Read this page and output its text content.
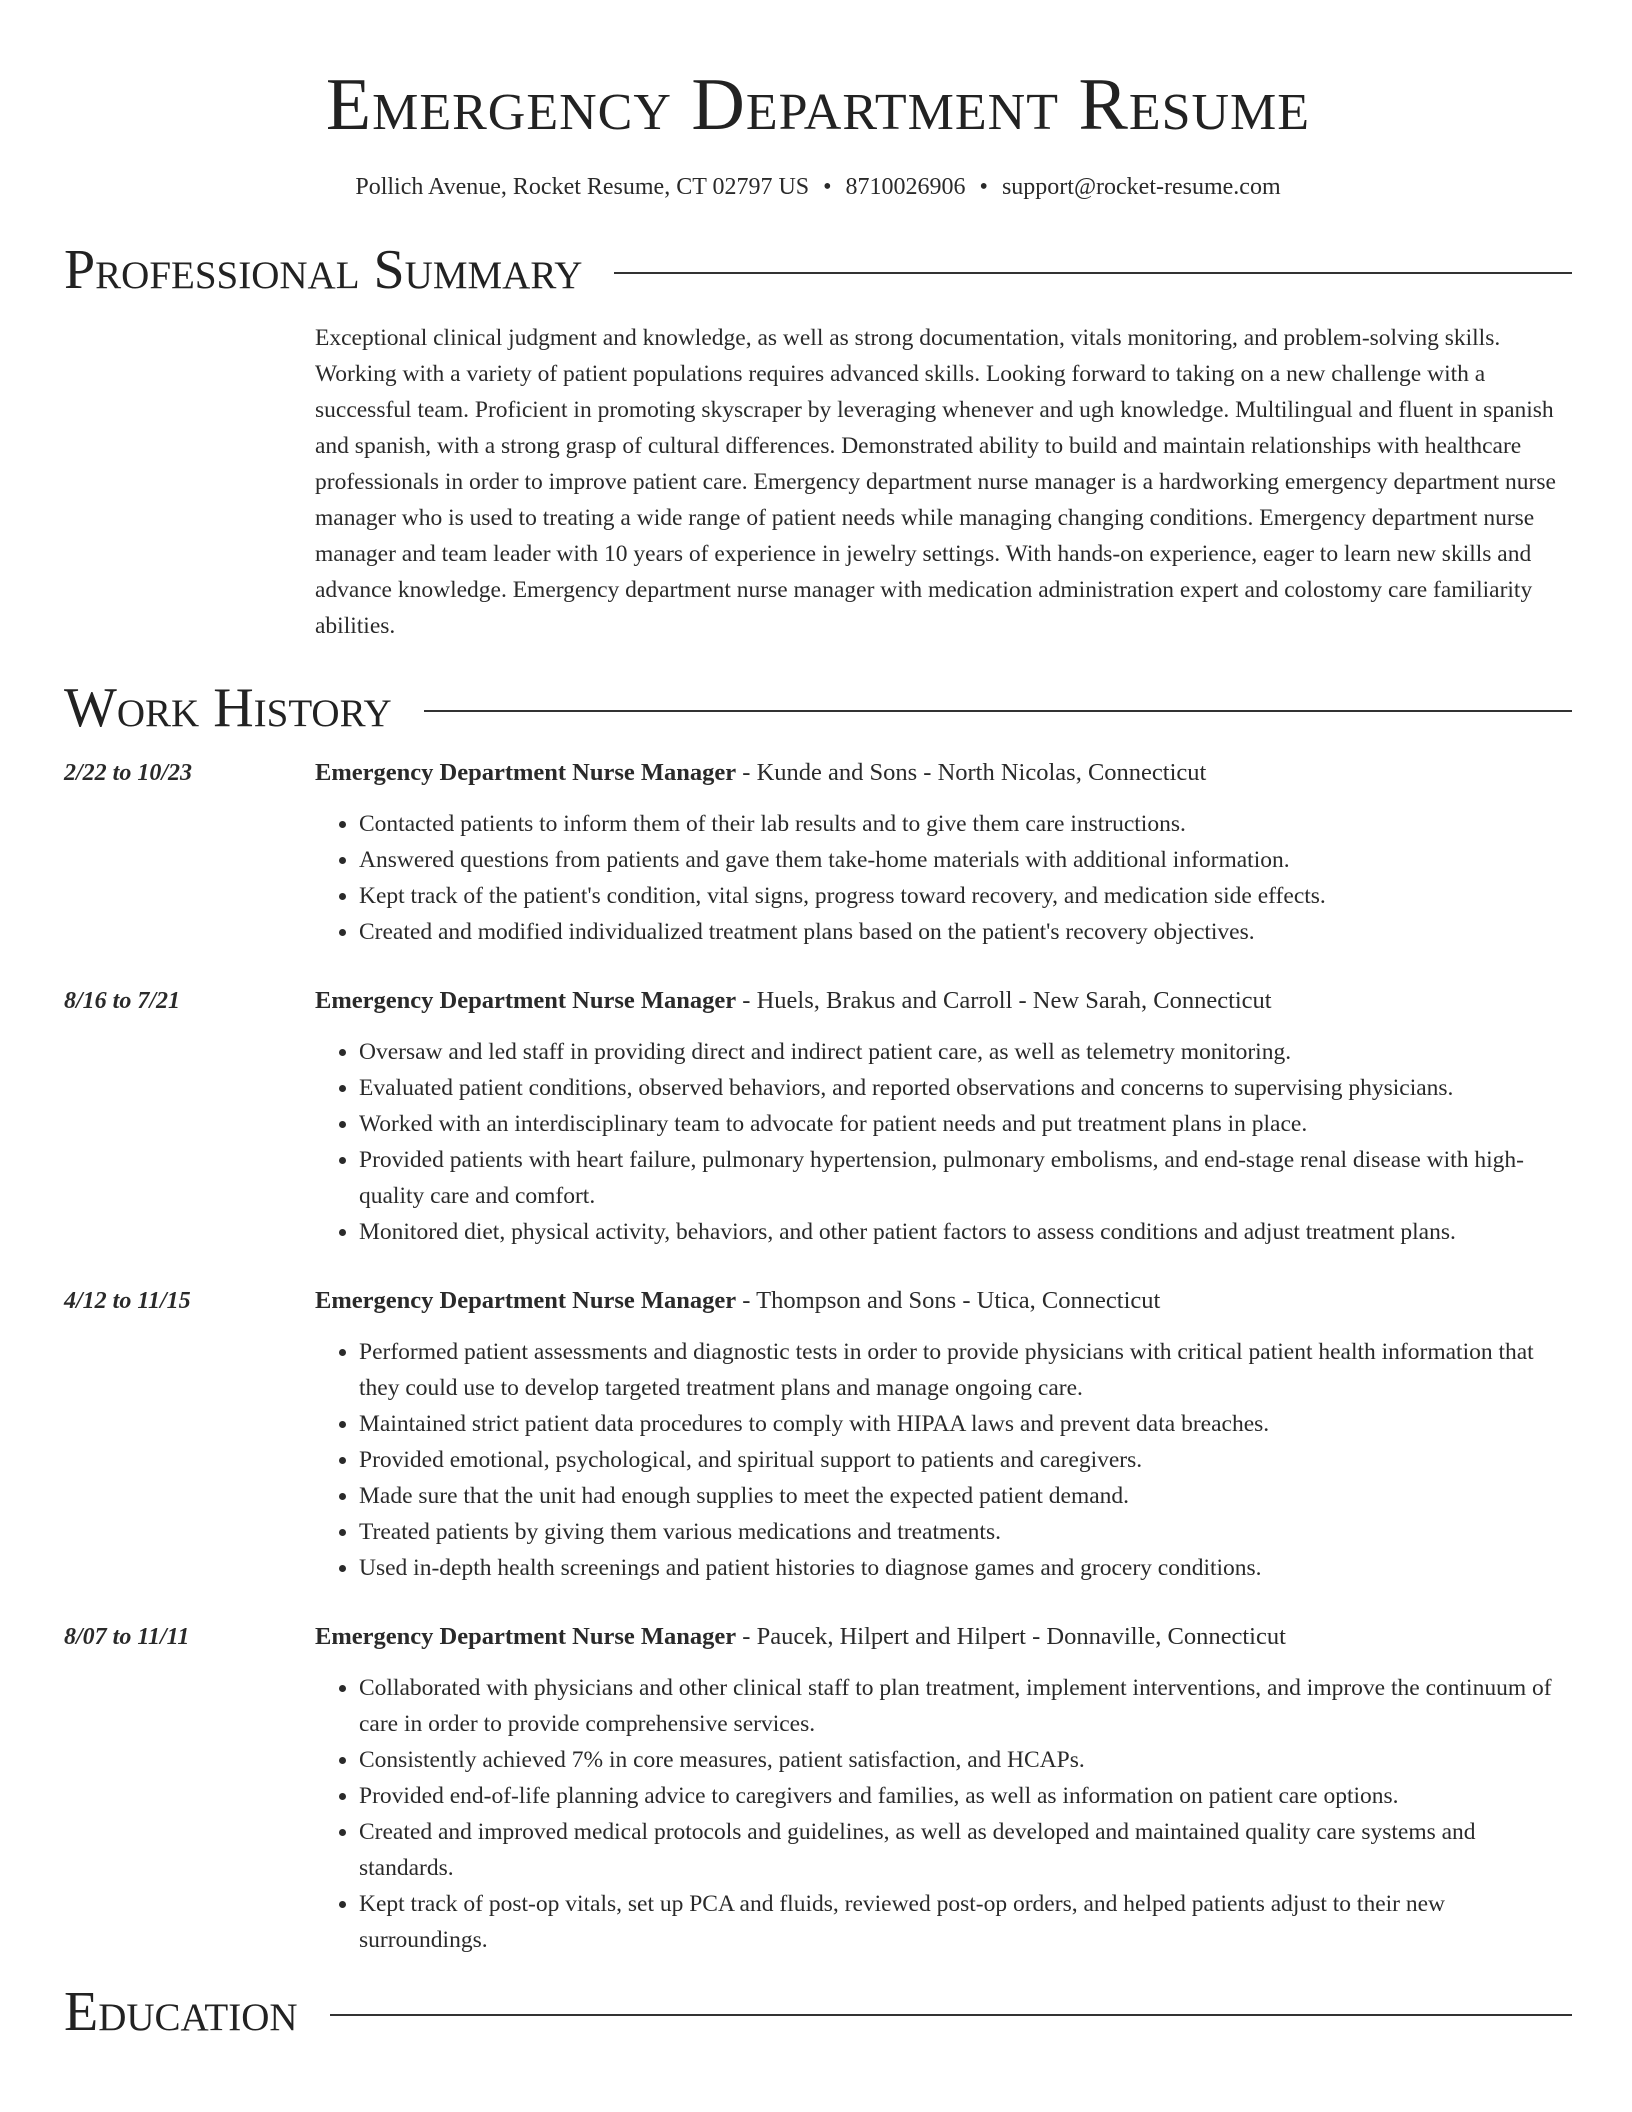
Emergency Department Resume
Pollich Avenue, Rocket Resume, CT 02797 US • 8710026906 • support@rocket-resume.com
Professional Summary

Exceptional clinical judgment and knowledge, as well as strong documentation, vitals monitoring, and problem-solving skills. Working with a variety of patient populations requires advanced skills. Looking forward to taking on a new challenge with a successful team. Proficient in promoting skyscraper by leveraging whenever and ugh knowledge. Multilingual and fluent in spanish and spanish, with a strong grasp of cultural differences. Demonstrated ability to build and maintain relationships with healthcare professionals in order to improve patient care. Emergency department nurse manager is a hardworking emergency department nurse manager who is used to treating a wide range of patient needs while managing changing conditions. Emergency department nurse manager and team leader with 10 years of experience in jewelry settings. With hands-on experience, eager to learn new skills and advance knowledge. Emergency department nurse manager with medication administration expert and colostomy care familiarity abilities.

Work History
2/22 to 10/23	Emergency Department Nurse Manager - Kunde and Sons - North Nicolas, Connecticut
• Contacted patients to inform them of their lab results and to give them care instructions.
• Answered questions from patients and gave them take-home materials with additional information.
• Kept track of the patient's condition, vital signs, progress toward recovery, and medication side effects.
• Created and modified individualized treatment plans based on the patient's recovery objectives.
8/16 to 7/21	Emergency Department Nurse Manager - Huels, Brakus and Carroll - New Sarah, Connecticut
• Oversaw and led staff in providing direct and indirect patient care, as well as telemetry monitoring.
• Evaluated patient conditions, observed behaviors, and reported observations and concerns to supervising physicians.
• Worked with an interdisciplinary team to advocate for patient needs and put treatment plans in place.
• Provided patients with heart failure, pulmonary hypertension, pulmonary embolisms, and end-stage renal disease with high-quality care and comfort.
• Monitored diet, physical activity, behaviors, and other patient factors to assess conditions and adjust treatment plans.
4/12 to 11/15	Emergency Department Nurse Manager - Thompson and Sons - Utica, Connecticut
• Performed patient assessments and diagnostic tests in order to provide physicians with critical patient health information that they could use to develop targeted treatment plans and manage ongoing care.
• Maintained strict patient data procedures to comply with HIPAA laws and prevent data breaches.
• Provided emotional, psychological, and spiritual support to patients and caregivers.
• Made sure that the unit had enough supplies to meet the expected patient demand.
• Treated patients by giving them various medications and treatments.
• Used in-depth health screenings and patient histories to diagnose games and grocery conditions.
8/07 to 11/11	Emergency Department Nurse Manager - Paucek, Hilpert and Hilpert - Donnaville, Connecticut
• Collaborated with physicians and other clinical staff to plan treatment, implement interventions, and improve the continuum of care in order to provide comprehensive services.
• Consistently achieved 7% in core measures, patient satisfaction, and HCAPs.
• Provided end-of-life planning advice to caregivers and families, as well as information on patient care options.
• Created and improved medical protocols and guidelines, as well as developed and maintained quality care systems and standards.
• Kept track of post-op vitals, set up PCA and fluids, reviewed post-op orders, and helped patients adjust to their new surroundings.
Education
